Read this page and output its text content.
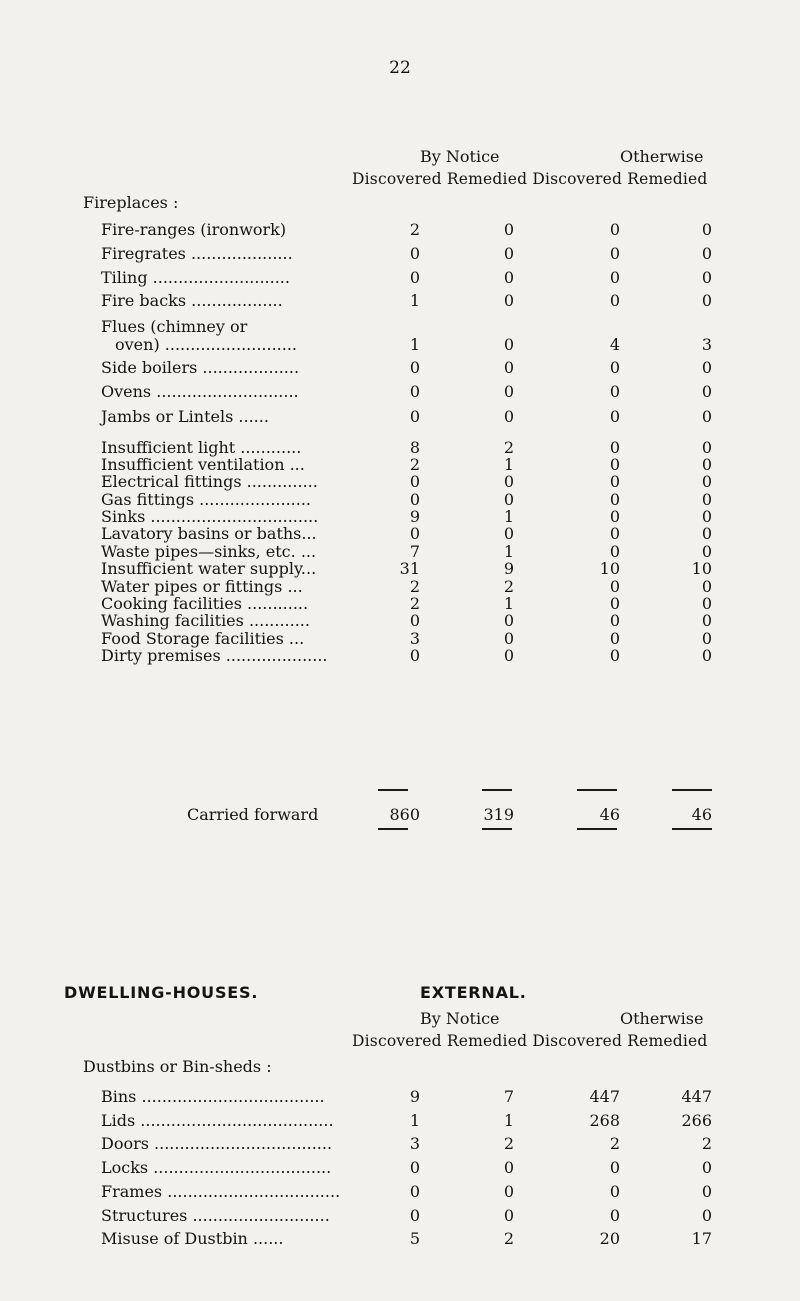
22
By Notice	Otherwise
Discovered Remedied Discovered Remedied
Fireplaces :
Fire-ranges (ironwork)	2	0	0	0
Firegrates ....................	0	0	0	0
Tiling ...........................	0	0	0	0
Fire backs ..................	1	0	0	0
Flues (chimney or
oven) ..........................	1	0	4	3
Side boilers ...................	0	0	0	0
Ovens ............................	0	0	0	0
Jambs or Lintels ......	0	0	0	0
Insufficient light ............	8	2	0	0
Insufficient ventilation ...	2	1	0	0
Electrical fittings ..............	0	0	0	0
Gas fittings ......................	0	0	0	0
Sinks .................................	9	1	0	0
Lavatory basins or baths...	0	0	0	0
Waste pipes—sinks, etc. ...	7	1	0	0
Insufficient water supply...	31	9	10	10
Water pipes or fittings ...	2	2	0	0
Cooking facilities ............	2	1	0	0
Washing facilities ............	0	0	0	0
Food Storage facilities ...	3	0	0	0
Dirty premises ....................	0	0	0	0
Carried forward	860	319	46	46
DWELLING-HOUSES.	EXTERNAL.
By Notice	Otherwise
Discovered Remedied Discovered Remedied
Dustbins or Bin-sheds :
Bins ....................................	9	7	447	447
Lids ......................................	1	1	268	266
Doors ...................................	3	2	2	2
Locks ...................................	0	0	0	0
Frames ..................................	0	0	0	0
Structures ...........................	0	0	0	0
Misuse of Dustbin ......	5	2	20	17
